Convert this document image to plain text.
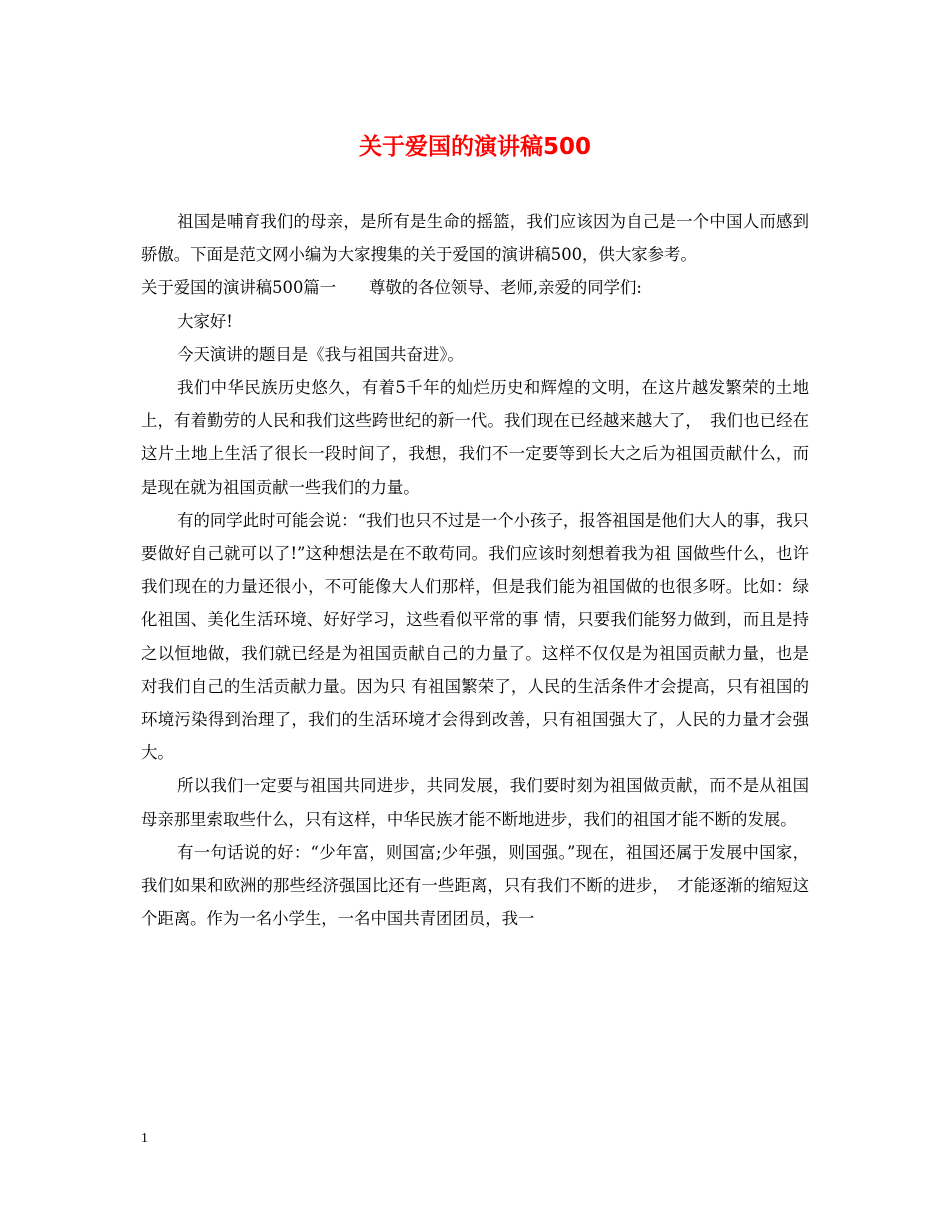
关于爱国的演讲稿500

祖国是哺育我们的母亲，是所有是生命的摇篮，我们应该因为自己是一个中国人而感到骄傲。下面是范文网小编为大家搜集的关于爱国的演讲稿500，供大家参考。

关于爱国的演讲稿500篇一　　尊敬的各位领导、老师,亲爱的同学们:

大家好!

今天演讲的题目是《我与祖国共奋进》。

我们中华民族历史悠久，有着5千年的灿烂历史和辉煌的文明，在这片越发繁荣的土地上，有着勤劳的人民和我们这些跨世纪的新一代。我们现在已经越来越大了，　我们也已经在这片土地上生活了很长一段时间了，我想，我们不一定要等到长大之后为祖国贡献什么，而是现在就为祖国贡献一些我们的力量。

有的同学此时可能会说：“我们也只不过是一个小孩子，报答祖国是他们大人的事，我只要做好自己就可以了!”这种想法是在不敢苟同。我们应该时刻想着我为祖 国做些什么，也许我们现在的力量还很小，不可能像大人们那样，但是我们能为祖国做的也很多呀。比如：绿化祖国、美化生活环境、好好学习，这些看似平常的事 情，只要我们能努力做到，而且是持之以恒地做，我们就已经是为祖国贡献自己的力量了。这样不仅仅是为祖国贡献力量，也是对我们自己的生活贡献力量。因为只 有祖国繁荣了，人民的生活条件才会提高，只有祖国的环境污染得到治理了，我们的生活环境才会得到改善，只有祖国强大了，人民的力量才会强大。

所以我们一定要与祖国共同进步，共同发展，我们要时刻为祖国做贡献，而不是从祖国母亲那里索取些什么，只有这样，中华民族才能不断地进步，我们的祖国才能不断的发展。

有一句话说的好：“少年富，则国富;少年强，则国强。”现在，祖国还属于发展中国家，我们如果和欧洲的那些经济强国比还有一些距离，只有我们不断的进步，　才能逐渐的缩短这个距离。作为一名小学生，一名中国共青团团员，我一

1
